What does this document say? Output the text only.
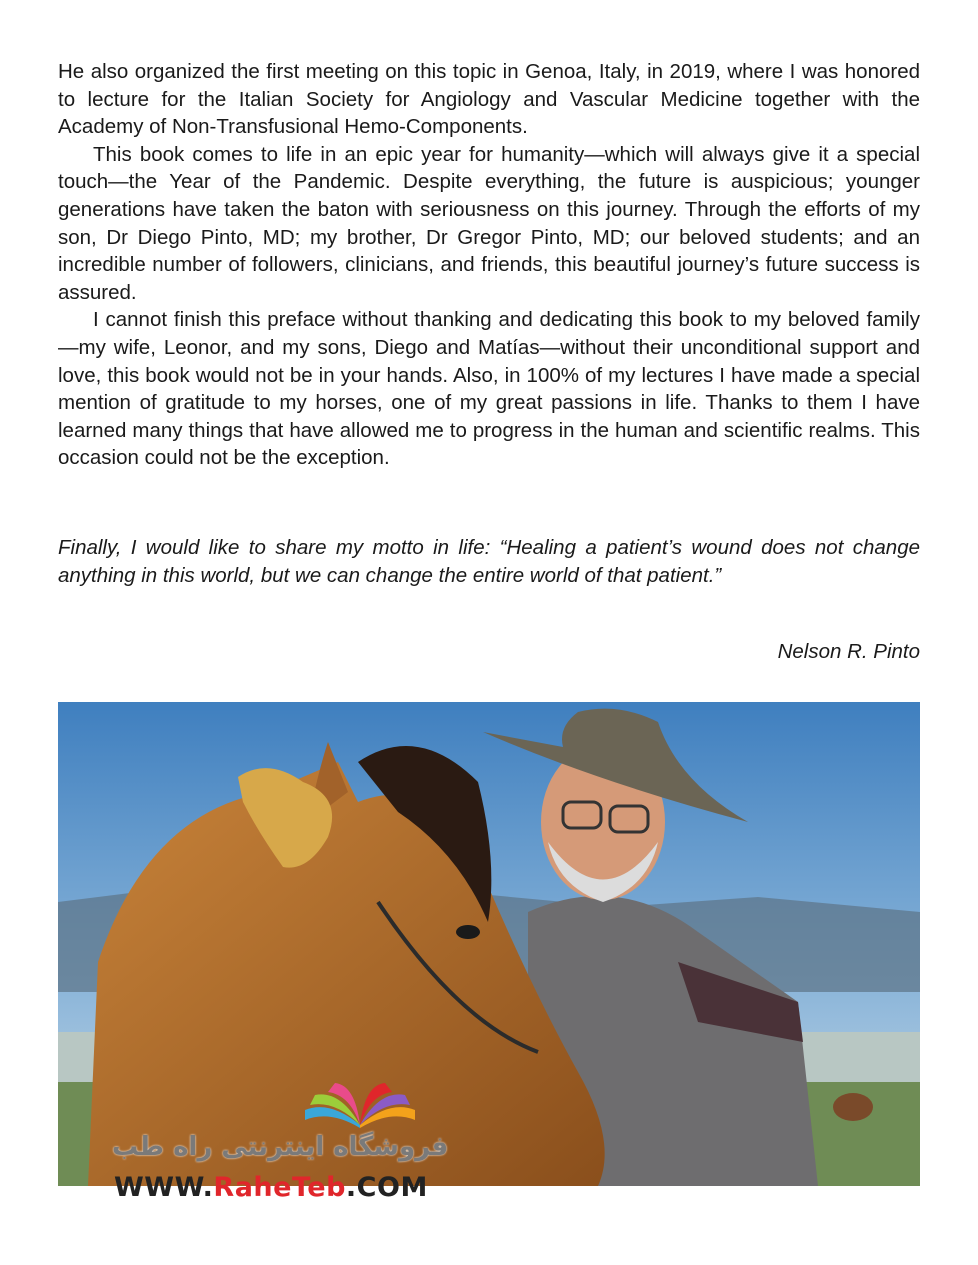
He also organized the first meeting on this topic in Genoa, Italy, in 2019, where I was honored to lecture for the Italian Society for Angiology and Vascular Medicine together with the Academy of Non-Transfusional Hemo-Components.

This book comes to life in an epic year for humanity—which will always give it a special touch—the Year of the Pandemic. Despite everything, the future is auspicious; younger generations have taken the baton with seriousness on this journey. Through the efforts of my son, Dr Diego Pinto, MD; my brother, Dr Gregor Pinto, MD; our beloved students; and an incredible number of followers, clinicians, and friends, this beautiful journey’s future success is assured.

I cannot finish this preface without thanking and dedicating this book to my beloved family—my wife, Leonor, and my sons, Diego and Matías—without their unconditional support and love, this book would not be in your hands. Also, in 100% of my lectures I have made a special mention of gratitude to my horses, one of my great passions in life. Thanks to them I have learned many things that have allowed me to progress in the human and scientific realms. This occasion could not be the exception.

Finally, I would like to share my motto in life: “Healing a patient’s wound does not change anything in this world, but we can change the entire world of that patient.”

Nelson R. Pinto
فروشگاه اینترنتی راه طب
WWW.RaheTeb.COM
